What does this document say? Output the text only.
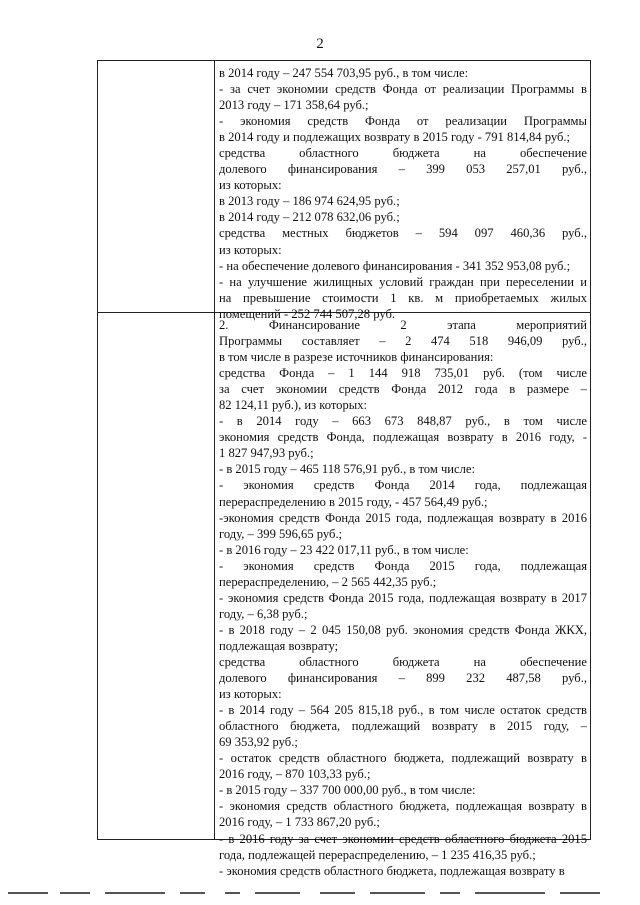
2
в 2014 году – 247 554 703,95 руб., в том числе:
- за счет экономии средств Фонда от реализации Программы в
2013 году – 171 358,64 руб.;
- экономия средств Фонда от реализации Программы
в 2014 году и подлежащих возврату в 2015 году - 791 814,84 руб.;
средства областного бюджета на обеспечение
долевого финансирования – 399 053 257,01 руб.,
из которых:
в 2013 году – 186 974 624,95 руб.;
в 2014 году – 212 078 632,06 руб.;
средства местных бюджетов – 594 097 460,36 руб.,
из которых:
- на обеспечение долевого финансирования - 341 352 953,08 руб.;
- на улучшение жилищных условий граждан при переселении и
на превышение стоимости 1 кв. м приобретаемых жилых
помещений - 252 744 507,28 руб.
2. Финансирование 2 этапа мероприятий
Программы составляет – 2 474 518 946,09 руб.,
в том числе в разрезе источников финансирования:
средства Фонда – 1 144 918 735,01 руб. (том числе
за счет экономии средств Фонда 2012 года в размере –
82 124,11 руб.), из которых:
- в 2014 году – 663 673 848,87 руб., в том числе
экономия средств Фонда, подлежащая возврату в 2016 году, -
1 827 947,93 руб.;
- в 2015 году – 465 118 576,91 руб., в том числе:
- экономия средств Фонда 2014 года, подлежащая
перераспределению в 2015 году, - 457 564,49 руб.;
-экономия средств Фонда 2015 года, подлежащая возврату в 2016
году, – 399 596,65 руб.;
- в 2016 году – 23 422 017,11 руб., в том числе:
- экономия средств Фонда 2015 года, подлежащая
перераспределению, – 2 565 442,35 руб.;
- экономия средств Фонда 2015 года, подлежащая возврату в 2017
году, – 6,38 руб.;
- в 2018 году – 2 045 150,08 руб. экономия средств Фонда ЖКХ,
подлежащая возврату;
средства областного бюджета на обеспечение
долевого финансирования – 899 232 487,58 руб.,
из которых:
- в 2014 году – 564 205 815,18 руб., в том числе остаток средств
областного бюджета, подлежащий возврату в 2015 году, –
69 353,92 руб.;
- остаток средств областного бюджета, подлежащий возврату в
2016 году, – 870 103,33 руб.;
- в 2015 году – 337 700 000,00 руб., в том числе:
- экономия средств областного бюджета, подлежащая возврату в
2016 году, – 1 733 867,20 руб.;
- в 2016 году за счет экономии средств областного бюджета 2015
года, подлежащей перераспределению, – 1 235 416,35 руб.;
- экономия средств областного бюджета, подлежащая возврату в
